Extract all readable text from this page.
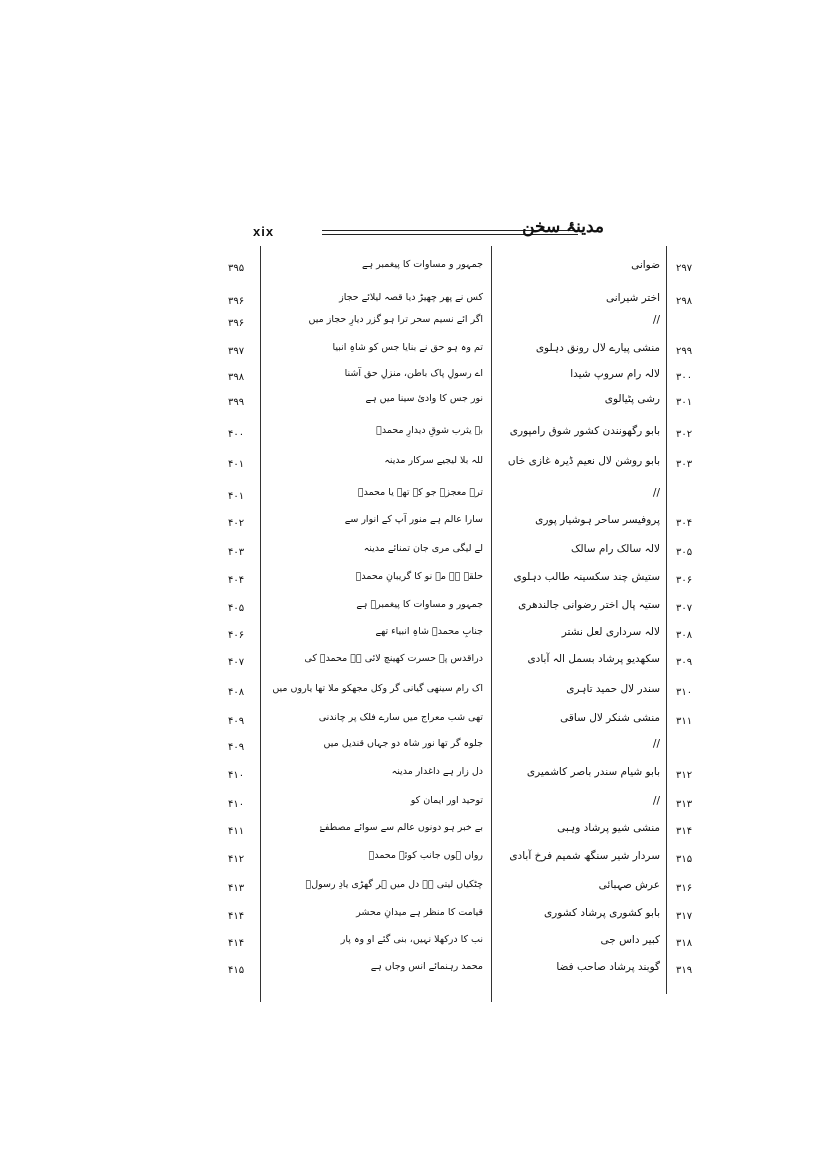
xix	مدینۂ سخن
۲۹۷
ضوانی
جمہور و مساوات کا پیغمبر ہے
۳۹۵
۲۹۸
اختر شیرانی
کس نے پھر چھیڑ دیا قصہ لیلائے حجاز
۳۹۶
//
اگر ائے نسیم سحر ترا ہو گزر دیارِ حجاز میں
۳۹۶
۲۹۹
منشی پیارے لال رونق دہلوی
تم وہ ہو حق نے بنایا جس کو شاہِ انبیا
۳۹۷
۳۰۰
لالہ رام سروپ شیدا
اے رسولِ پاک باطن، منزلِ حق آشنا
۳۹۸
۳۰۱
رشی پٹیالوی
نور جس کا وادیٔ سینا میں ہے
۳۹۹
۳۰۲
بابو رگھونندن کشور شوق رامپوری
بہ یثرب شوقِ دیدارِ محمدؐ
۴۰۰
۳۰۳
بابو روشن لال نعیم ڈیرہ غازی خاں
للہ بلا لیجیے سرکار مدینہ
۴۰۱
//
ترے معجزے جو کہ تھے یا محمدؐ
۴۰۱
۳۰۴
پروفیسر ساحر ہوشیار پوری
سارا عالم ہے منور آپ کے انوار سے
۴۰۲
۳۰۵
لالہ سالک رام سالک
لے لیگی مری جان تمنائے مدینہ
۴۰۳
۳۰۶
ستیش چند سکسینہ طالب دہلوی
حلقہ ہے مہ نو کا گریبانِ محمدؐ
۴۰۴
۳۰۷
ستیہ پال اختر رضوانی جالندھری
جمہور و مساوات کا پیغمبرؐ ہے
۴۰۵
۳۰۸
لالہ سرداری لعل نشتر
جنابِ محمدؐ شاہِ انبیاء تھے
۴۰۶
۳۰۹
سکھدیو پرشاد بسمل الہ آبادی
دراقدس پہ حسرت کھینچ لائی ہے محمدؐ کی
۴۰۷
۳۱۰
سندر لال حمید تاہری
اک رام سینھی گیانی گر وکل مجھکو ملا تھا یاروں میں
۴۰۸
۳۱۱
منشی شنکر لال ساقی
تھی شب معراج میں سارے فلک پر چاندنی
۴۰۹
//
جلوہ گر تھا نور شاہ دو جہاں قندیل میں
۴۰۹
۳۱۲
بابو شیام سندر باصر کاشمیری
دل زار ہے داغدار مدینہ
۴۱۰
۳۱۳
//
توحید اور ایمان کو
۴۱۰
۳۱۴
منشی شیو پرشاد وہبی
بے خبر ہو دونوں عالم سے سوائے مصطفےٰ
۴۱۱
۳۱۵
سردار شیر سنگھ شمیم فرخ آبادی
رواں ہوں جانب کوئے محمدؐ
۴۱۲
۳۱۶
عرش صہبائی
چٹکیاں لیتی ہے دل میں ہر گھڑی یادِ رسولؐ
۴۱۳
۳۱۷
بابو کشوری پرشاد کشوری
قیامت کا منظر ہے میدانِ محشر
۴۱۴
۳۱۸
کبیر داس جی
نب کا درکھلا نہیں، بنی گئے او وہ پار
۴۱۴
۳۱۹
گوبند پرشاد صاحب فضا
محمد رہنمائے انس وجاں ہے
۴۱۵
